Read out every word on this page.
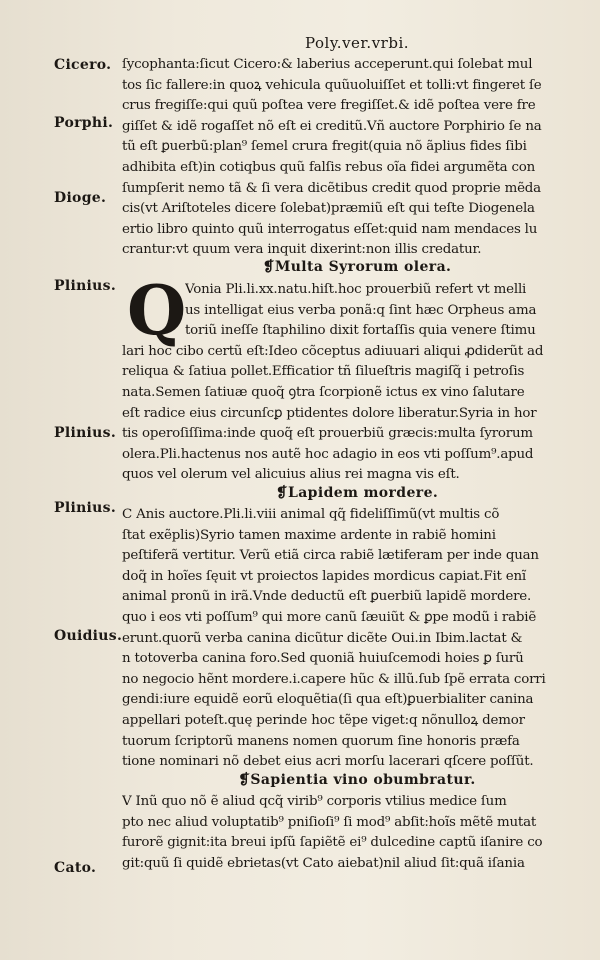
Poly.ver.vrbi.
Cicero.
Porphi.
Dioge.
Plinius.
Plinius.
Plinius.
Ouidius.
Cato.
ſycophanta:ſicut Cicero:& laberius acceperunt.qui ſolebat mul
tos ſic fallere:in quoꝝ vehicula quũuoluiſſet et tolli:vt fingeret ſe
crus fregiſſe:qui quũ poſtea vere fregiſſet.& idẽ poſtea vere fre
giſſet & idẽ rogaſſet nõ eſt ei creditũ.Vñ auctore Porphirio ſe na
tũ eſt ꝑuerbũ:plan⁹ ſemel crura fregit(quia nõ ãplius fides ſibi
adhibita eſt)in cotiqbus quũ falſis rebus oĩa fidei argumẽta con
ſumpſerit nemo tã & ſi vera dicẽtibus credit quod proprie mẽda
cis(vt Ariſtoteles dicere ſolebat)præmiũ eſt qui teſte Diogenela
ertio libro quinto quũ interrogatus eſſet:quid nam mendaces lu
crantur:vt quum vera inquit dixerint:non illis credatur.
❡Multa Syrorum olera.
Q
Vonia Pli.li.xx.natu.hiſt.hoc prouerbiũ refert vt melli
us intelligat eius verba ponã:q ſint hæc Orpheus ama
toriũ ineſſe ſtaphilino dixit fortaſſis quia venere ſtimu
lari hoc cibo certũ eſt:Ideo cõceptus adiuuari aliqui ꝓdiderũt ad
reliqua & ſatiua pollet.Efficatior tñ ſilueſtris magiſq̃ i petroſis
nata.Semen ſatiuæ quoq̃ ꝯtra ſcorpionẽ ictus ex vino ſalutare
eſt radice eius circunſcꝑ ptidentes dolore liberatur.Syria in hor
tis operoſiſſima:inde quoq̃ eſt prouerbiũ græcis:multa ſyrorum
olera.Pli.hactenus nos autẽ hoc adagio in eos vti poſſum⁹.apud
quos vel olerum vel alicuius alius rei magna vis eſt.
❡Lapidem mordere.
C Anis auctore.Pli.li.viii animal qq̃ fideliſſimũ(vt multis cõ
ſtat exẽplis)Syrio tamen maxime ardente in rabiẽ homini
peſtiferã vertitur. Verũ etiã circa rabiẽ lætiferam per inde quan
doq̃ in hoĩes ſęuit vt proiectos lapides mordicus capiat.Fit enĩ
animal pronũ in irã.Vnde deductũ eſt ꝑuerbiũ lapidẽ mordere.
quo i eos vti poſſum⁹ qui more canũ ſæuiũt & ꝑpe modũ i rabiẽ
erunt.quorũ verba canina dicũtur dicẽte Oui.in Ibim.lactat &
n totoverba canina foro.Sed quoniã huiuſcemodi hoies ꝑ ſurũ
no negocio hẽnt mordere.i.capere hũc & illũ.ſub ſpẽ errata corri
gendi:iure equidẽ eorũ eloquẽtia(ſi qua eſt)ꝑuerbialiter canina
appellari poteſt.quę perinde hoc tẽpe viget:q nõnulloꝝ demor
tuorum ſcriptorũ manens nomen quorum ſine honoris præfa
tione nominari nõ debet eius acri morſu lacerari qſcere poſſũt.
❡Sapientia vino obumbratur.
V Inũ quo nõ ẽ aliud qcq̃ virib⁹ corporis vtilius medice ſum
pto nec aliud voluptatib⁹ pniſioſi⁹ ſi mod⁹ abſit:hoĩs mẽtẽ mutat
furorẽ gignit:ita breui ipſũ ſapiẽtẽ ei⁹ dulcedine captũ iſanire co
git:quũ ſi quidẽ ebrietas(vt Cato aiebat)nil aliud ſit:quã iſania
